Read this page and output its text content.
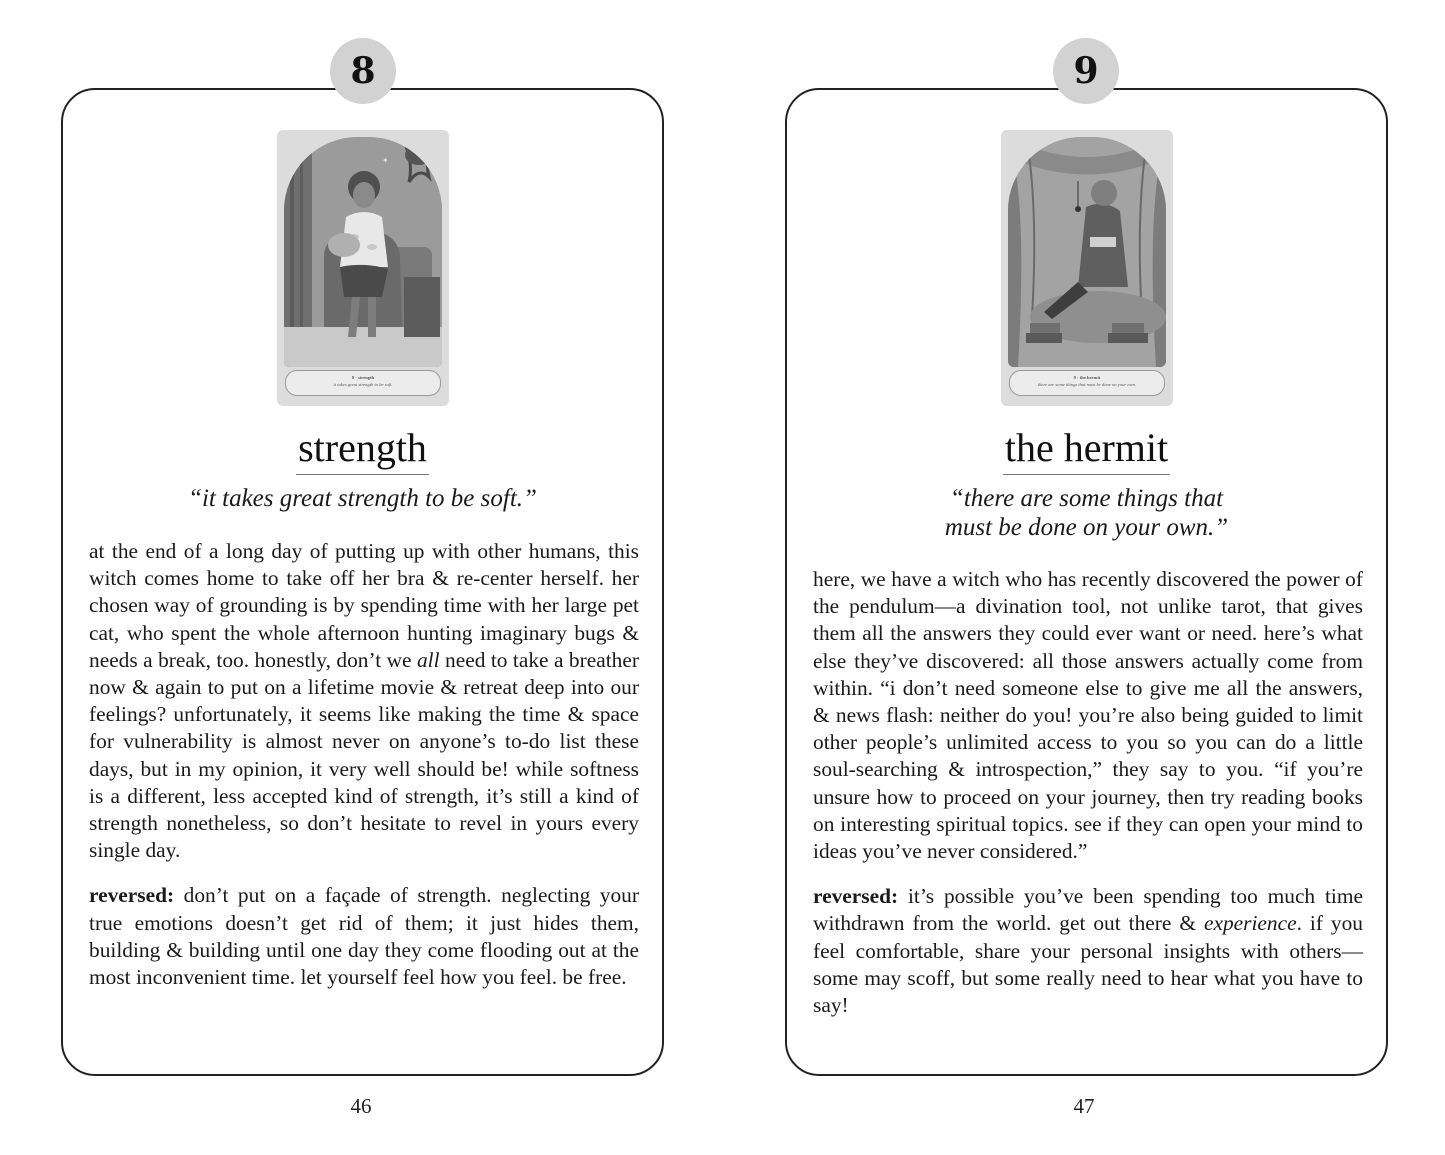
8
✦
8 · strength
it takes great strength to be soft.
strength
“it takes great strength to be soft.”

at the end of a long day of putting up with other humans, this witch comes home to take off her bra & re-center herself. her chosen way of grounding is by spending time with her large pet cat, who spent the whole afternoon hunting imaginary bugs & needs a break, too. honestly, don’t we all need to take a breather now & again to put on a lifetime movie & retreat deep into our feelings? unfortunately, it seems like making the time & space for vulnerability is almost never on anyone’s to-do list these days, but in my opinion, it very well should be! while softness is a different, less accepted kind of strength, it’s still a kind of strength nonetheless, so don’t hesitate to revel in yours every single day.

reversed: don’t put on a façade of strength. neglecting your true emotions doesn’t get rid of them; it just hides them, building & building until one day they come flooding out at the most inconvenient time. let yourself feel how you feel. be free.

46
9
9 · the hermit
there are some things that must be done on your own.
the hermit
“there are some things that
must be done on your own.”

here, we have a witch who has recently discovered the power of the pendulum—a divination tool, not unlike tarot, that gives them all the answers they could ever want or need. here’s what else they’ve discovered: all those answers actually come from within. “i don’t need someone else to give me all the answers, & news flash: neither do you! you’re also being guided to limit other people’s unlimited access to you so you can do a little soul-searching & introspection,” they say to you. “if you’re unsure how to proceed on your journey, then try reading books on interesting spiritual topics. see if they can open your mind to ideas you’ve never considered.”

reversed: it’s possible you’ve been spending too much time withdrawn from the world. get out there & experience. if you feel comfortable, share your personal insights with others—some may scoff, but some really need to hear what you have to say!

47
